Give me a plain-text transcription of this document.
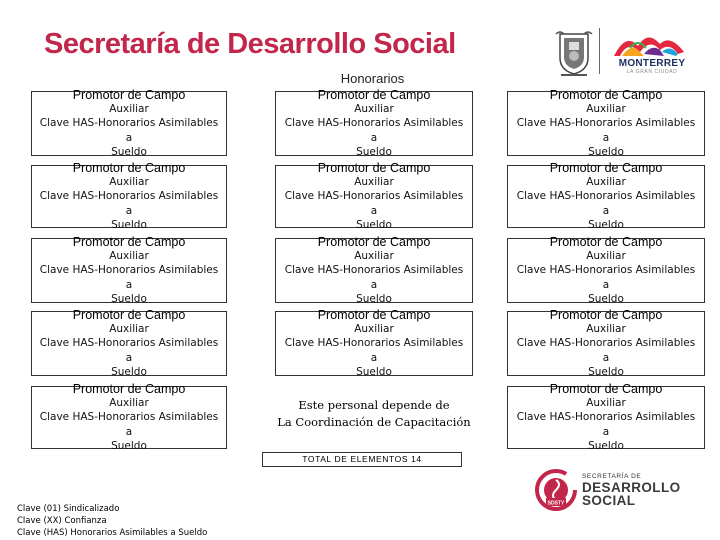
Secretaría de Desarrollo Social
MONTERREY
LA GRAN CIUDAD
Honorarios
Promotor de Campo
Auxiliar
Clave HAS-Honorarios Asimilables a
Sueldo
Promotor de Campo
Auxiliar
Clave HAS-Honorarios Asimilables a
Sueldo
Promotor de Campo
Auxiliar
Clave HAS-Honorarios Asimilables a
Sueldo
Promotor de Campo
Auxiliar
Clave HAS-Honorarios Asimilables a
Sueldo
Promotor de Campo
Auxiliar
Clave HAS-Honorarios Asimilables a
Sueldo
Promotor de Campo
Auxiliar
Clave HAS-Honorarios Asimilables a
Sueldo
Promotor de Campo
Auxiliar
Clave HAS-Honorarios Asimilables a
Sueldo
Promotor de Campo
Auxiliar
Clave HAS-Honorarios Asimilables a
Sueldo
Promotor de Campo
Auxiliar
Clave HAS-Honorarios Asimilables a
Sueldo
Promotor de Campo
Auxiliar
Clave HAS-Honorarios Asimilables a
Sueldo
Promotor de Campo
Auxiliar
Clave HAS-Honorarios Asimilables a
Sueldo
Promotor de Campo
Auxiliar
Clave HAS-Honorarios Asimilables a
Sueldo
Promotor de Campo
Auxiliar
Clave HAS-Honorarios Asimilables a
Sueldo
Este personal depende de
La Coordinación de Capacitación
Promotor de Campo
Auxiliar
Clave HAS-Honorarios Asimilables a
Sueldo
TOTAL DE ELEMENTOS 14
Clave (01) Sindicalizado
Clave (XX) Confianza
Clave (HAS) Honorarios Asimilables a Sueldo
SDSTY
SECRETARÍA DE
DESARROLLO
SOCIAL
